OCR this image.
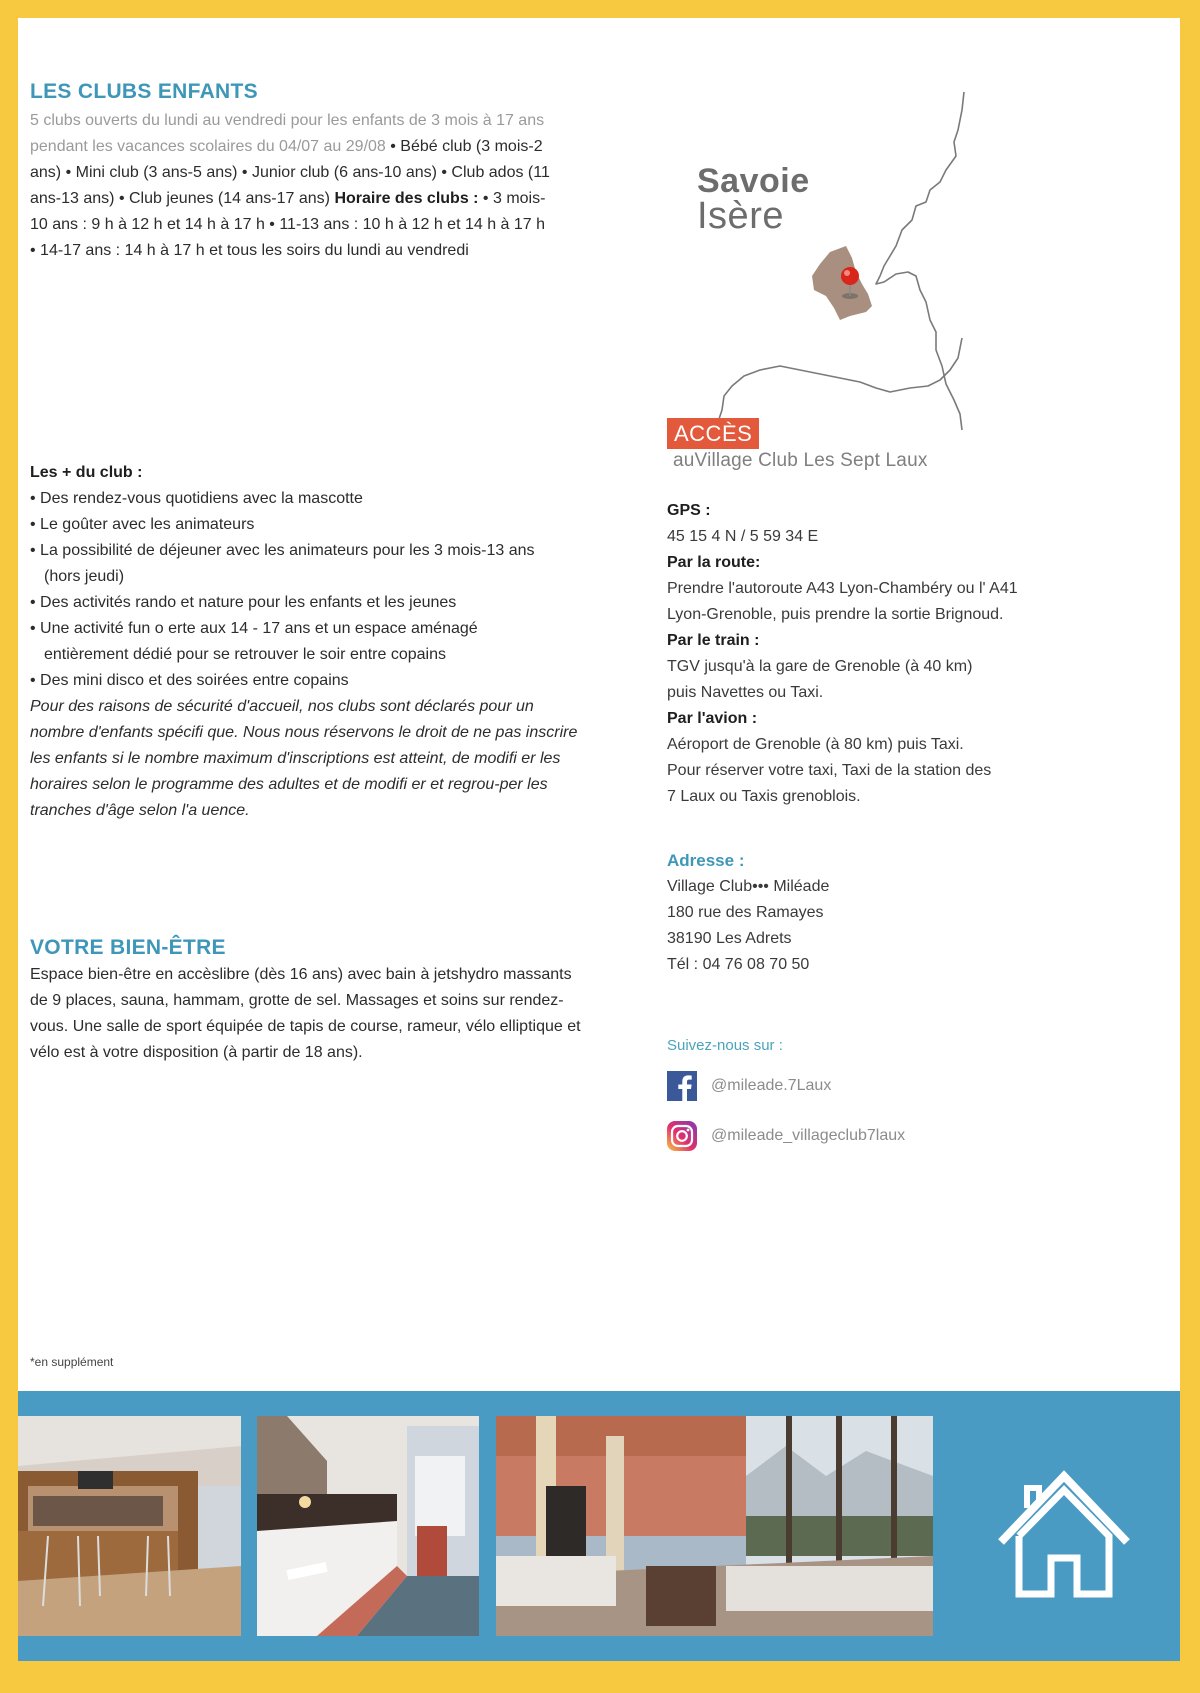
LES CLUBS ENFANTS

5 clubs ouverts du lundi au vendredi pour les enfants de 3 mois à 17 ans pendant les vacances scolaires du 04/07 au 29/08 • Bébé club (3 mois-2 ans) • Mini club (3 ans-5 ans) • Junior club (6 ans-10 ans) • Club ados (11 ans-13 ans) • Club jeunes (14 ans-17 ans) Horaire des clubs : • 3 mois-10 ans : 9 h à 12 h et 14 h à 17 h • 11-13 ans : 10 h à 12 h et 14 h à 17 h • 14-17 ans : 14 h à 17 h et tous les soirs du lundi au vendredi

Les + du club :
• Des rendez-vous quotidiens avec la mascotte
• Le goûter avec les animateurs
• La possibilité de déjeuner avec les animateurs pour les 3 mois-13 ans (hors jeudi)
• Des activités rando et nature pour les enfants et les jeunes
• Une activité fun o erte aux 14 - 17 ans et un espace aménagé entièrement dédié pour se retrouver le soir entre copains
• Des mini disco et des soirées entre copains

Pour des raisons de sécurité d'accueil, nos clubs sont déclarés pour un nombre d'enfants spécifi que. Nous nous réservons le droit de ne pas inscrire les enfants si le nombre maximum d'inscriptions est atteint, de modifi er les horaires selon le programme des adultes et de modifi er et regrou-per les tranches d'âge selon l'a uence.

VOTRE BIEN-ÊTRE

Espace bien-être en accèslibre (dès 16 ans) avec bain à jetshydro massants de 9 places, sauna, hammam, grotte de sel. Massages et soins sur rendez-vous. Une salle de sport équipée de tapis de course, rameur, vélo elliptique et vélo est à votre disposition (à partir de 18 ans).

Savoie
Isère
ACCÈS
auVillage Club Les Sept Laux
GPS :
45 15 4 N / 5 59 34 E
Par la route:
Prendre l'autoroute A43 Lyon-Chambéry ou l' A41
Lyon-Grenoble, puis prendre la sortie Brignoud.
Par le train :
TGV jusqu'à la gare de Grenoble (à 40 km)
puis Navettes ou Taxi.
Par l'avion :
Aéroport de Grenoble (à 80 km) puis Taxi.
Pour réserver votre taxi, Taxi de la station des
7 Laux ou Taxis grenoblois.
Adresse :
Village Club••• Miléade
180 rue des Ramayes
38190 Les Adrets
Tél : 04 76 08 70 50
Suivez-nous sur :
@mileade.7Laux
@mileade_villageclub7laux
*en supplément
